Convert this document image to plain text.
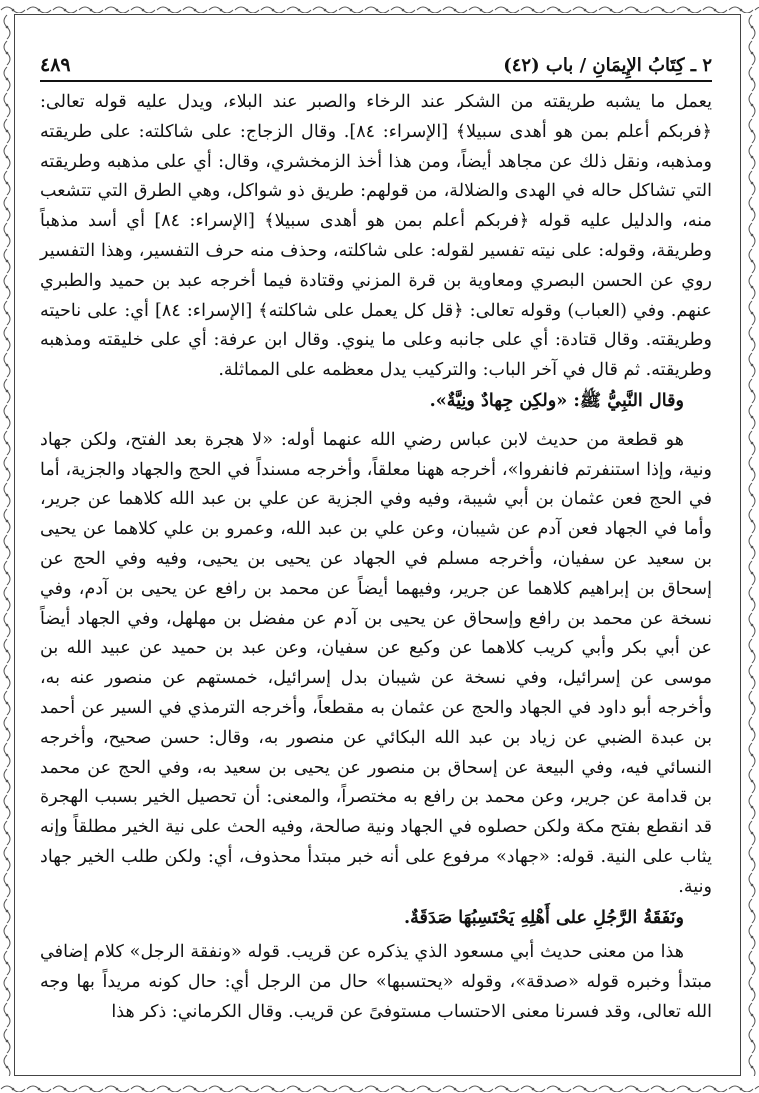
٢ ـ كِتَابُ الإِيمَانِ / باب (٤٢)
٤٨٩

يعمل ما يشبه طريقته من الشكر عند الرخاء والصبر عند البلاء، ويدل عليه قوله تعالى: ﴿فربكم أعلم بمن هو أهدى سبيلا﴾ [الإسراء: ٨٤]. وقال الزجاج: على شاكلته: على طريقته ومذهبه، ونقل ذلك عن مجاهد أيضاً، ومن هذا أخذ الزمخشري، وقال: أي على مذهبه وطريقته التي تشاكل حاله في الهدى والضلالة، من قولهم: طريق ذو شواكل، وهي الطرق التي تتشعب منه، والدليل عليه قوله ﴿فربكم أعلم بمن هو أهدى سبيلا﴾ [الإسراء: ٨٤] أي أسد مذهباً وطريقة، وقوله: على نيته تفسير لقوله: على شاكلته، وحذف منه حرف التفسير، وهذا التفسير روي عن الحسن البصري ومعاوية بن قرة المزني وقتادة فيما أخرجه عبد بن حميد والطبري عنهم. وفي (العباب) وقوله تعالى: ﴿قل كل يعمل على شاكلته﴾ [الإسراء: ٨٤] أي: على ناحيته وطريقته. وقال قتادة: أي على جانبه وعلى ما ينوي. وقال ابن عرفة: أي على خليقته ومذهبه وطريقته. ثم قال في آخر الباب: والتركيب يدل معظمه على المماثلة.

وقال النَّبِيُّ ﷺ: «ولكِن جِهادٌ ونِيَّةٌ».

هو قطعة من حديث لابن عباس رضي الله عنهما أوله: «لا هجرة بعد الفتح، ولكن جهاد ونية، وإذا استنفرتم فانفروا»، أخرجه ههنا معلقاً، وأخرجه مسنداً في الحج والجهاد والجزية، أما في الحج فعن عثمان بن أبي شيبة، وفيه وفي الجزية عن علي بن عبد الله كلاهما عن جرير، وأما في الجهاد فعن آدم عن شيبان، وعن علي بن عبد الله، وعمرو بن علي كلاهما عن يحيى بن سعيد عن سفيان، وأخرجه مسلم في الجهاد عن يحيى بن يحيى، وفيه وفي الحج عن إسحاق بن إبراهيم كلاهما عن جرير، وفيهما أيضاً عن محمد بن رافع عن يحيى بن آدم، وفي نسخة عن محمد بن رافع وإسحاق عن يحيى بن آدم عن مفضل بن مهلهل، وفي الجهاد أيضاً عن أبي بكر وأبي كريب كلاهما عن وكيع عن سفيان، وعن عبد بن حميد عن عبيد الله بن موسى عن إسرائيل، وفي نسخة عن شيبان بدل إسرائيل، خمستهم عن منصور عنه به، وأخرجه أبو داود في الجهاد والحج عن عثمان به مقطعاً، وأخرجه الترمذي في السير عن أحمد بن عبدة الضبي عن زياد بن عبد الله البكائي عن منصور به، وقال: حسن صحيح، وأخرجه النسائي فيه، وفي البيعة عن إسحاق بن منصور عن يحيى بن سعيد به، وفي الحج عن محمد بن قدامة عن جرير، وعن محمد بن رافع به مختصراً، والمعنى: أن تحصيل الخير بسبب الهجرة قد انقطع بفتح مكة ولكن حصلوه في الجهاد ونية صالحة، وفيه الحث على نية الخير مطلقاً وإنه يثاب على النية. قوله: «جهاد» مرفوع على أنه خبر مبتدأ محذوف، أي: ولكن طلب الخير جهاد ونية.

ونَفَقَةُ الرَّجُلِ على أَهْلِهِ يَحْتَسِبُهَا صَدَقَةٌ.

هذا من معنى حديث أبي مسعود الذي يذكره عن قريب. قوله «ونفقة الرجل» كلام إضافي مبتدأ وخبره قوله «صدقة»، وقوله «يحتسبها» حال من الرجل أي: حال كونه مريداً بها وجه الله تعالى، وقد فسرنا معنى الاحتساب مستوفىً عن قريب. وقال الكرماني: ذكر هذا
